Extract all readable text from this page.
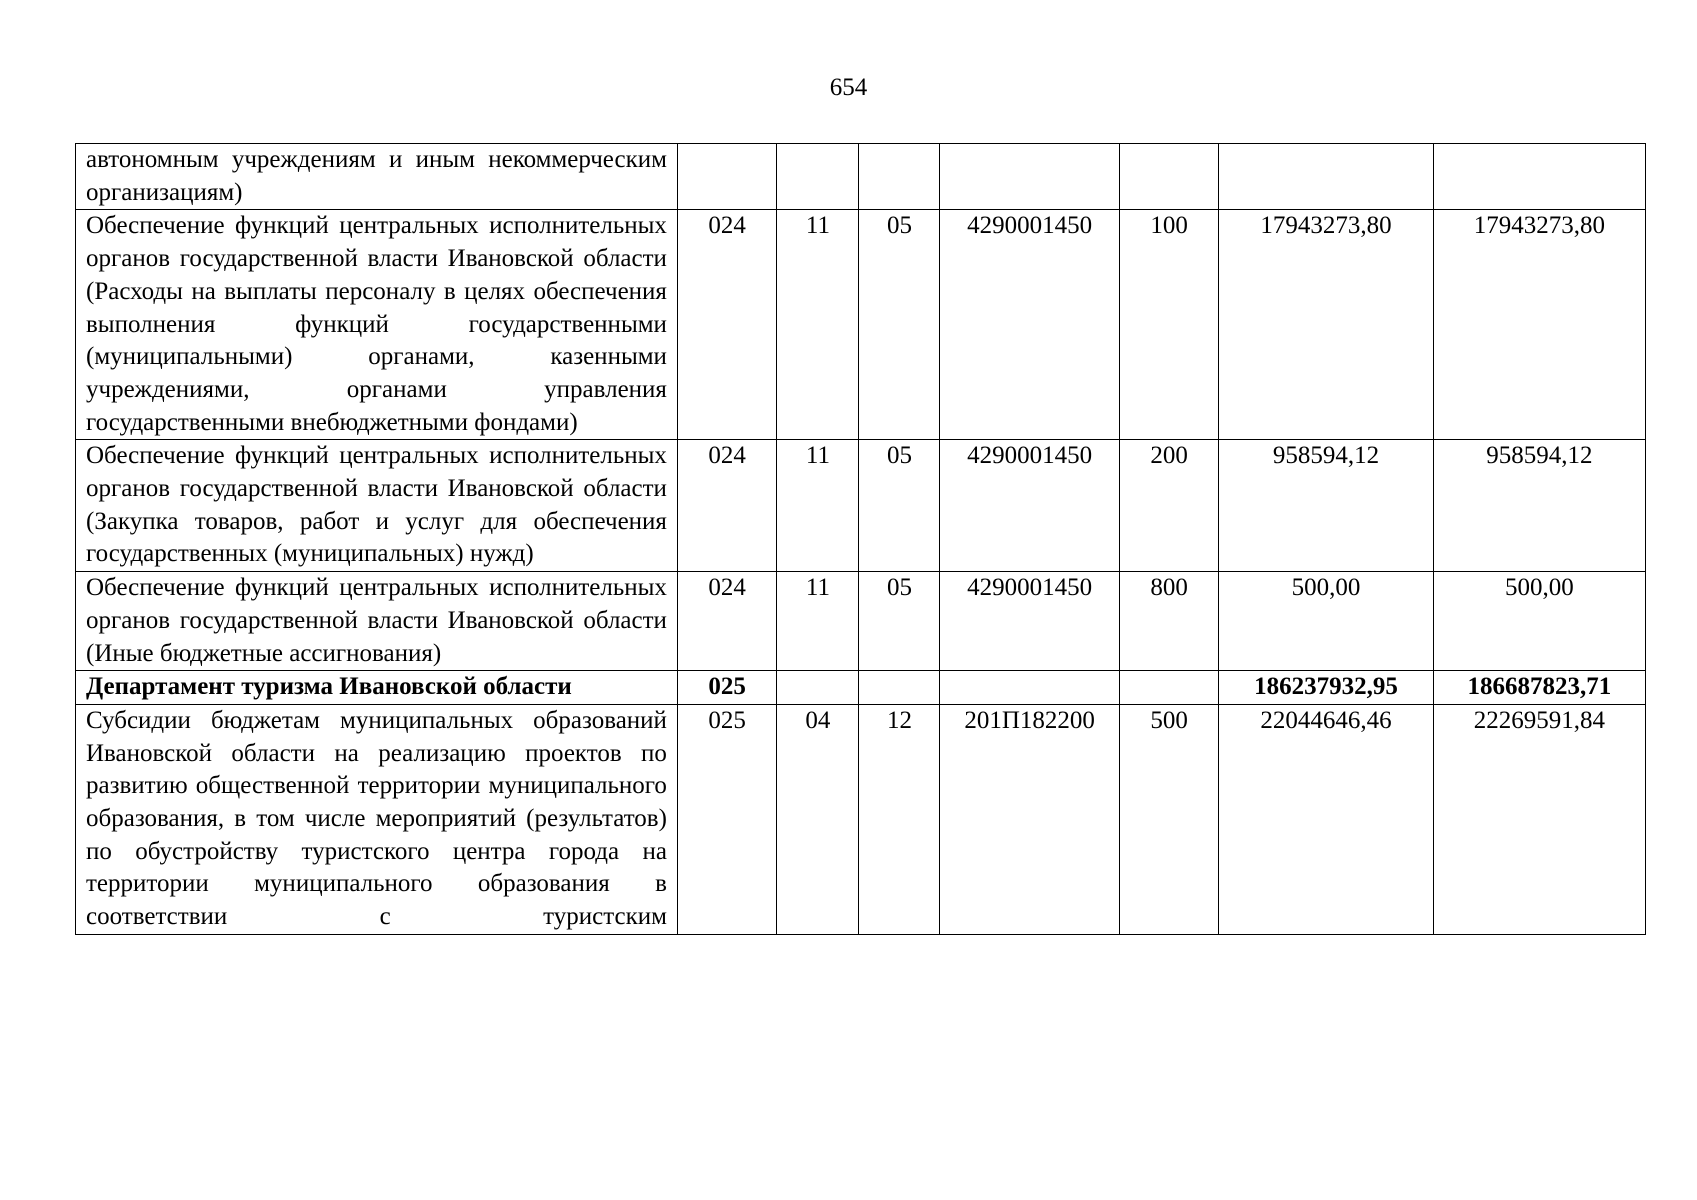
654
автономным учреждениям и иным некоммерческим организациям)							
Обеспечение функций центральных исполнительных органов государственной власти Ивановской области (Расходы на выплаты персоналу в целях обеспечения выполнения функций государственными (муниципальными) органами, казенными учреждениями, органами управления государственными внебюджетными фондами)	024	11	05	4290001450	100	17943273,80	17943273,80
Обеспечение функций центральных исполнительных органов государственной власти Ивановской области (Закупка товаров, работ и услуг для обеспечения государственных (муниципальных) нужд)	024	11	05	4290001450	200	958594,12	958594,12
Обеспечение функций центральных исполнительных органов государственной власти Ивановской области (Иные бюджетные ассигнования)	024	11	05	4290001450	800	500,00	500,00
Департамент туризма Ивановской области	025					186237932,95	186687823,71
Субсидии бюджетам муниципальных образований Ивановской области на реализацию проектов по развитию общественной территории муниципального образования, в том числе мероприятий (результатов) по обустройству туристского центра города на территории муниципального образования в соответствии с туристским	025	04	12	201П182200	500	22044646,46	22269591,84
